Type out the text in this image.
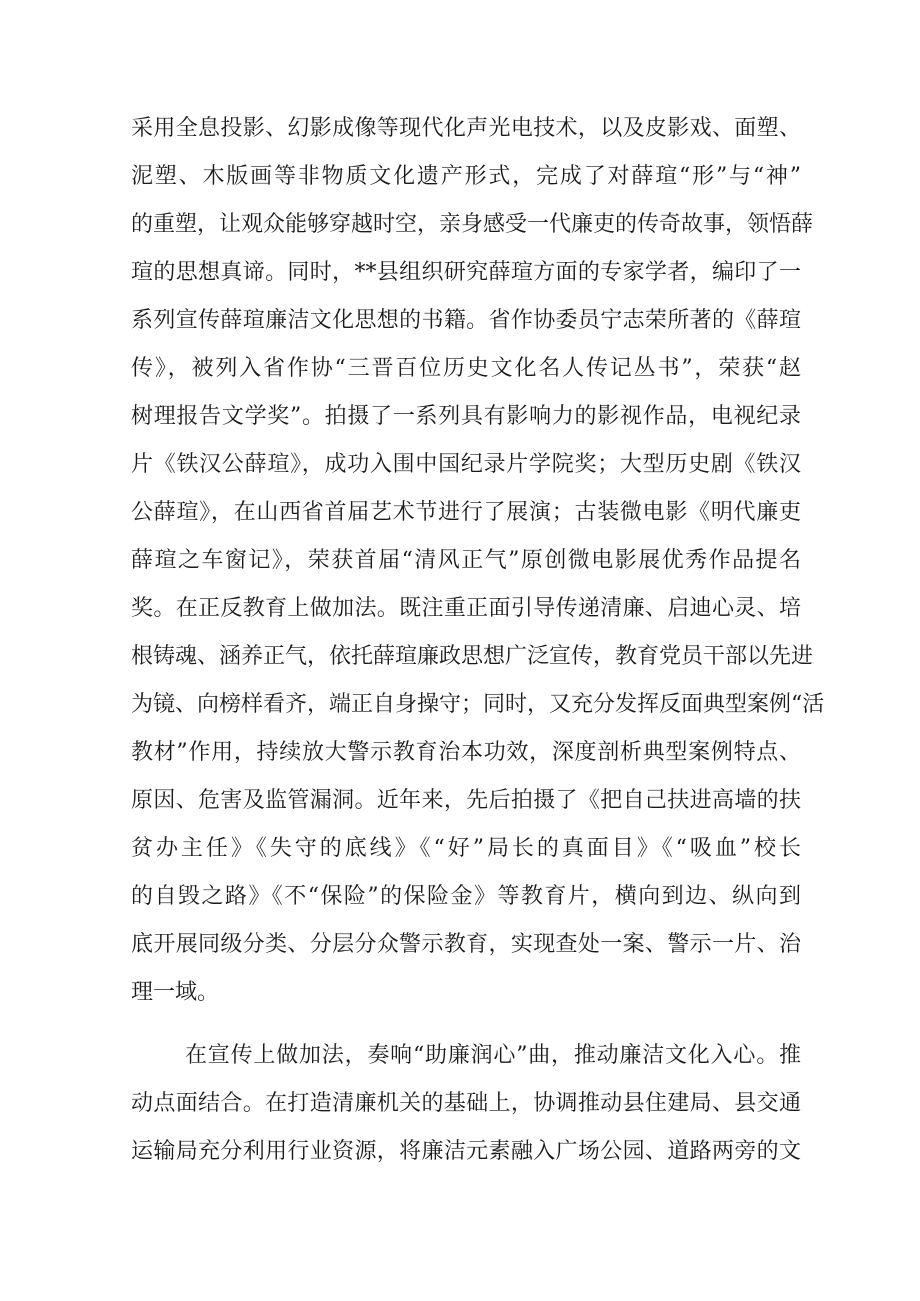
采用全息投影、幻影成像等现代化声光电技术，以及皮影戏、面塑、
泥塑、木版画等非物质文化遗产形式，完成了对薛瑄“形”与“神”
的重塑，让观众能够穿越时空，亲身感受一代廉吏的传奇故事，领悟薛
瑄的思想真谛。同时，**县组织研究薛瑄方面的专家学者，编印了一
系列宣传薛瑄廉洁文化思想的书籍。省作协委员宁志荣所著的《薛瑄
传》，被列入省作协“三晋百位历史文化名人传记丛书”，荣获“赵
树理报告文学奖”。拍摄了一系列具有影响力的影视作品，电视纪录
片《铁汉公薛瑄》，成功入围中国纪录片学院奖；大型历史剧《铁汉
公薛瑄》，在山西省首届艺术节进行了展演；古装微电影《明代廉吏
薛瑄之车窗记》，荣获首届“清风正气”原创微电影展优秀作品提名
奖。在正反教育上做加法。既注重正面引导传递清廉、启迪心灵、培
根铸魂、涵养正气，依托薛瑄廉政思想广泛宣传，教育党员干部以先进
为镜、向榜样看齐，端正自身操守；同时，又充分发挥反面典型案例“活
教材”作用，持续放大警示教育治本功效，深度剖析典型案例特点、
原因、危害及监管漏洞。近年来，先后拍摄了《把自己扶进高墙的扶
贫办主任》《失守的底线》《“好”局长的真面目》《“吸血”校长
的自毁之路》《不“保险”的保险金》等教育片，横向到边、纵向到
底开展同级分类、分层分众警示教育，实现查处一案、警示一片、治
理一域。
在宣传上做加法，奏响“助廉润心”曲，推动廉洁文化入心。推
动点面结合。在打造清廉机关的基础上，协调推动县住建局、县交通
运输局充分利用行业资源，将廉洁元素融入广场公园、道路两旁的文
